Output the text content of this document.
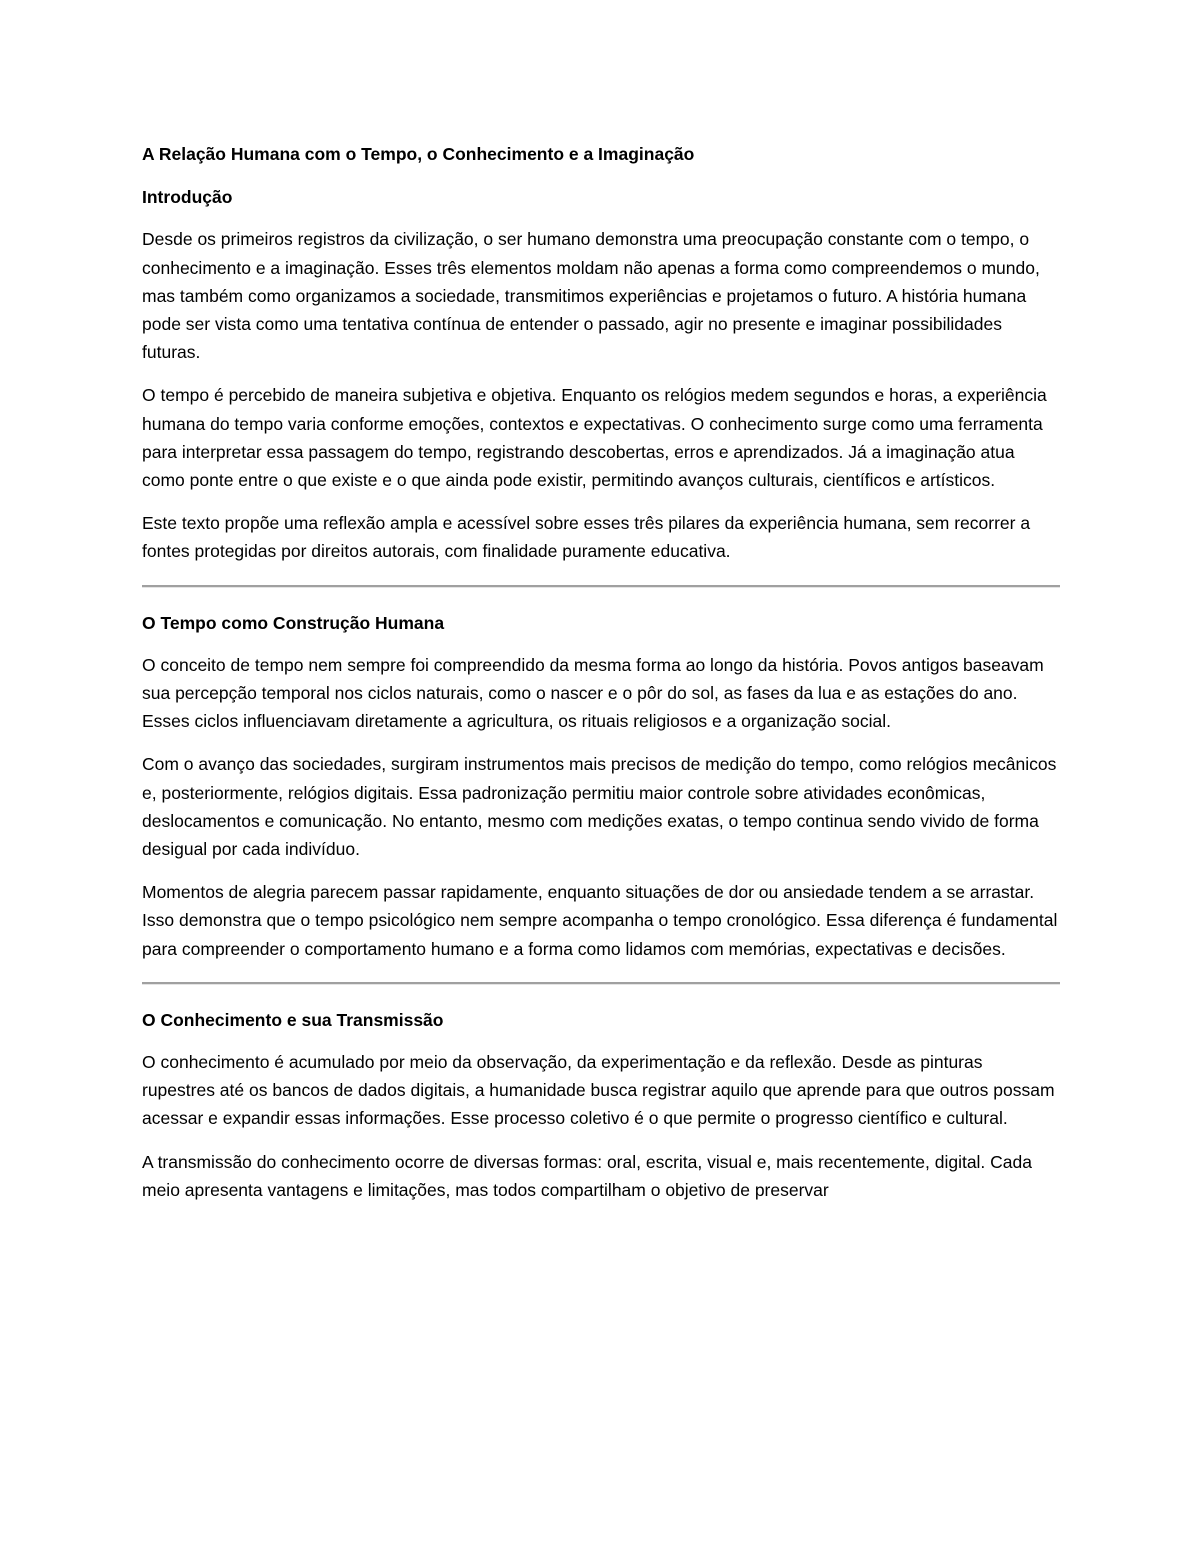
A Relação Humana com o Tempo, o Conhecimento e a Imaginação
Introdução

Desde os primeiros registros da civilização, o ser humano demonstra uma preocupação constante com o tempo, o conhecimento e a imaginação. Esses três elementos moldam não apenas a forma como compreendemos o mundo, mas também como organizamos a sociedade, transmitimos experiências e projetamos o futuro. A história humana pode ser vista como uma tentativa contínua de entender o passado, agir no presente e imaginar possibilidades futuras.

O tempo é percebido de maneira subjetiva e objetiva. Enquanto os relógios medem segundos e horas, a experiência humana do tempo varia conforme emoções, contextos e expectativas. O conhecimento surge como uma ferramenta para interpretar essa passagem do tempo, registrando descobertas, erros e aprendizados. Já a imaginação atua como ponte entre o que existe e o que ainda pode existir, permitindo avanços culturais, científicos e artísticos.

Este texto propõe uma reflexão ampla e acessível sobre esses três pilares da experiência humana, sem recorrer a fontes protegidas por direitos autorais, com finalidade puramente educativa.

O Tempo como Construção Humana

O conceito de tempo nem sempre foi compreendido da mesma forma ao longo da história. Povos antigos baseavam sua percepção temporal nos ciclos naturais, como o nascer e o pôr do sol, as fases da lua e as estações do ano. Esses ciclos influenciavam diretamente a agricultura, os rituais religiosos e a organização social.

Com o avanço das sociedades, surgiram instrumentos mais precisos de medição do tempo, como relógios mecânicos e, posteriormente, relógios digitais. Essa padronização permitiu maior controle sobre atividades econômicas, deslocamentos e comunicação. No entanto, mesmo com medições exatas, o tempo continua sendo vivido de forma desigual por cada indivíduo.

Momentos de alegria parecem passar rapidamente, enquanto situações de dor ou ansiedade tendem a se arrastar. Isso demonstra que o tempo psicológico nem sempre acompanha o tempo cronológico. Essa diferença é fundamental para compreender o comportamento humano e a forma como lidamos com memórias, expectativas e decisões.

O Conhecimento e sua Transmissão

O conhecimento é acumulado por meio da observação, da experimentação e da reflexão. Desde as pinturas rupestres até os bancos de dados digitais, a humanidade busca registrar aquilo que aprende para que outros possam acessar e expandir essas informações. Esse processo coletivo é o que permite o progresso científico e cultural.

A transmissão do conhecimento ocorre de diversas formas: oral, escrita, visual e, mais recentemente, digital. Cada meio apresenta vantagens e limitações, mas todos compartilham o objetivo de preservar
